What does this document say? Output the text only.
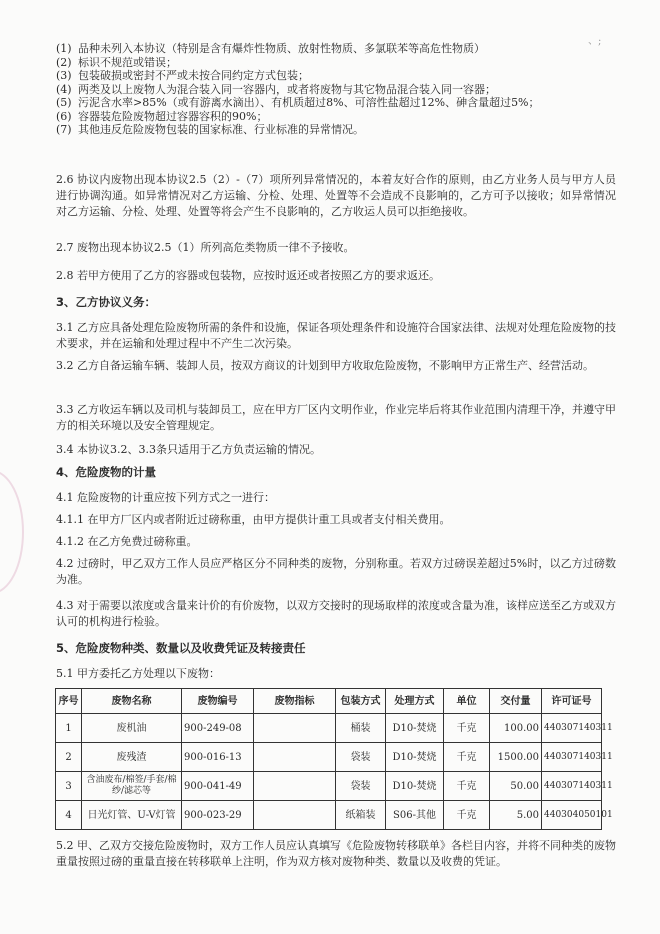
、;

(1) 品种未列入本协议（特别是含有爆炸性物质、放射性物质、多氯联苯等高危性物质）

(2) 标识不规范或错误；

(3) 包装破损或密封不严或未按合同约定方式包装；

(4) 两类及以上废物人为混合装入同一容器内，或者将废物与其它物品混合装入同一容器；

(5) 污泥含水率>85%（或有游离水滴出）、有机质超过8%、可溶性盐超过12%、砷含量超过5%；

(6) 容器装危险废物超过容器容积的90%；

(7) 其他违反危险废物包装的国家标准、行业标准的异常情况。

2.6 协议内废物出现本协议2.5（2）-（7）项所列异常情况的，本着友好合作的原则，由乙方业务人员与甲方人员进行协调沟通。如异常情况对乙方运输、分检、处理、处置等不会造成不良影响的，乙方可予以接收；如异常情况对乙方运输、分检、处理、处置等将会产生不良影响的，乙方收运人员可以拒绝接收。

2.7 废物出现本协议2.5（1）所列高危类物质一律不予接收。

2.8 若甲方使用了乙方的容器或包装物，应按时返还或者按照乙方的要求返还。

3、乙方协议义务：

3.1 乙方应具备处理危险废物所需的条件和设施，保证各项处理条件和设施符合国家法律、法规对处理危险废物的技术要求，并在运输和处理过程中不产生二次污染。

3.2 乙方自备运输车辆、装卸人员，按双方商议的计划到甲方收取危险废物，不影响甲方正常生产、经营活动。

3.3 乙方收运车辆以及司机与装卸员工，应在甲方厂区内文明作业，作业完毕后将其作业范围内清理干净，并遵守甲方的相关环境以及安全管理规定。

3.4 本协议3.2、3.3条只适用于乙方负责运输的情况。

4、危险废物的计量

4.1 危险废物的计重应按下列方式之一进行：

4.1.1 在甲方厂区内或者附近过磅称重，由甲方提供计重工具或者支付相关费用。

4.1.2 在乙方免费过磅称重。

4.2 过磅时，甲乙双方工作人员应严格区分不同种类的废物，分别称重。若双方过磅误差超过5%时，以乙方过磅数为准。

4.3 对于需要以浓度或含量来计价的有价废物，以双方交接时的现场取样的浓度或含量为准，该样应送至乙方或双方认可的机构进行检验。

5、危险废物种类、数量以及收费凭证及转接责任

5.1 甲方委托乙方处理以下废物：

序号	废物名称	废物编号	废物指标	包装方式	处理方式	单位	交付量	许可证号
1	废机油	900-249-08		桶装	D10-焚烧	千克	100.00	440307140311
2	废残渣	900-016-13		袋装	D10-焚烧	千克	1500.00	440307140311
3	含油废布/棉签/手套/棉纱/滤芯等	900-041-49		袋装	D10-焚烧	千克	50.00	440307140311
4	日光灯管、U-V灯管	900-023-29		纸箱装	S06-其他	千克	5.00	440304050101

5.2 甲、乙双方交接危险废物时，双方工作人员应认真填写《危险废物转移联单》各栏目内容，并将不同种类的废物重量按照过磅的重量直接在转移联单上注明，作为双方核对废物种类、数量以及收费的凭证。
